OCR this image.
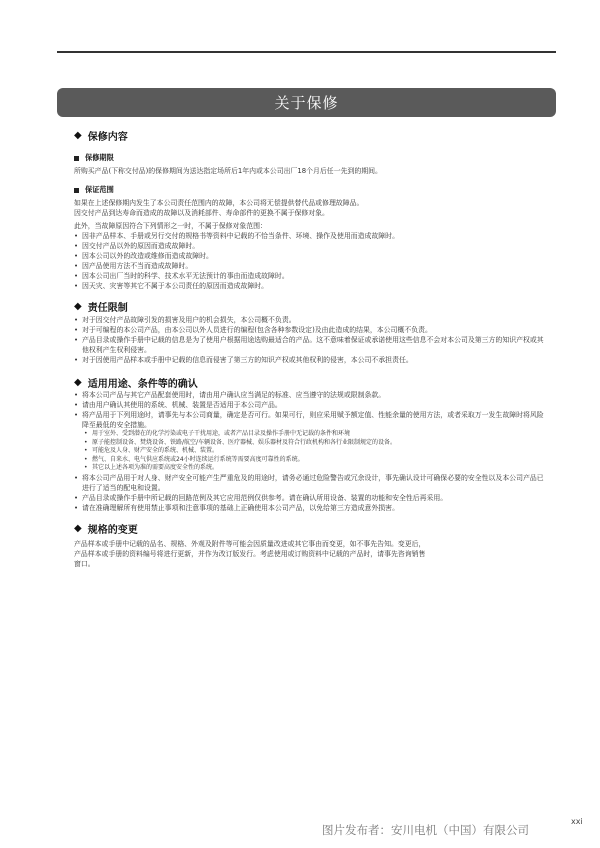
关于保修
◆ 保修内容
保修期限
所购买产品(下称交付品)的保修期间为送达指定场所后1年内或本公司出厂18个月后任一先到的期间。
保证范围
如果在上述保修期内发生了本公司责任范围内的故障，本公司将无偿提供替代品或修理故障品。
因交付产品到达寿命而造成的故障以及消耗部件、寿命部件的更换不属于保修对象。
此外，当故障原因符合下列情形之一时，不属于保修对象范围：
• 因非产品样本、手册或另行交付的规格书等资料中记载的不恰当条件、环境、操作及使用而造成故障时。
• 因交付产品以外的原因而造成故障时。
• 因本公司以外的改造或维修而造成故障时。
• 因产品使用方法不当而造成故障时。
• 因本公司出厂当时的科学、技术水平无法预计的事由而造成故障时。
• 因天灾、灾害等其它不属于本公司责任的原因而造成故障时。
◆ 责任限制
• 对于因交付产品故障引发的损害及用户的机会损失，本公司概不负责。
• 对于可编程的本公司产品，由本公司以外人员进行的编程(包含各种参数设定)及由此造成的结果，本公司概不负责。
• 产品目录或操作手册中记载的信息是为了使用户根据用途选购最适合的产品。这不意味着保证或承诺使用这些信息不会对本公司及第三方的知识产权或其他权利产生权利侵害。
• 对于因使用产品样本或手册中记载的信息而侵害了第三方的知识产权或其他权利的侵害，本公司不承担责任。
◆ 适用用途、条件等的确认
• 将本公司产品与其它产品配套使用时，请由用户确认应当满足的标准、应当遵守的法规或限制条款。
• 请由用户确认其使用的系统、机械、装置是否适用于本公司产品。
• 将产品用于下列用途时，请事先与本公司商量，确定是否可行。如果可行，则应采用赋予额定值、性能余量的使用方法，或者采取万一发生故障时将风险降至最低的安全措施。
• 用于室外、受到潜在的化学污染或电子干扰用途，或者产品目录及操作手册中无记载的条件和环境
• 原子能控制设备、焚烧设备、铁路/航空/车辆设备、医疗器械、娱乐器材及符合行政机构和各行业限制规定的设备。
• 可能危及人身、财产安全的系统、机械、装置。
• 燃气、自来水、电气供应系统或24小时连续运行系统等需要高度可靠性的系统。
• 其它以上述各项为准的需要高度安全性的系统。
• 将本公司产品用于对人身、财产安全可能产生严重危及的用途时，请务必通过危险警告或冗余设计，事先确认设计可确保必要的安全性以及本公司产品已进行了适当的配电和设置。
• 产品目录或操作手册中所记载的回路范例及其它应用范例仅供参考。请在确认所用设备、装置的功能和安全性后再采用。
• 请在准确理解所有使用禁止事项和注意事项的基础上正确使用本公司产品，以免给第三方造成意外损害。
◆ 规格的变更
产品样本或手册中记载的品名、规格、外观及附件等可能会因质量改进或其它事由而变更，如不事先告知。变更后，
产品样本或手册的资料编号将进行更新，并作为改订版发行。考虑使用或订购资料中记载的产品时，请事先咨询销售
窗口。
xxi
图片发布者：安川电机（中国）有限公司
